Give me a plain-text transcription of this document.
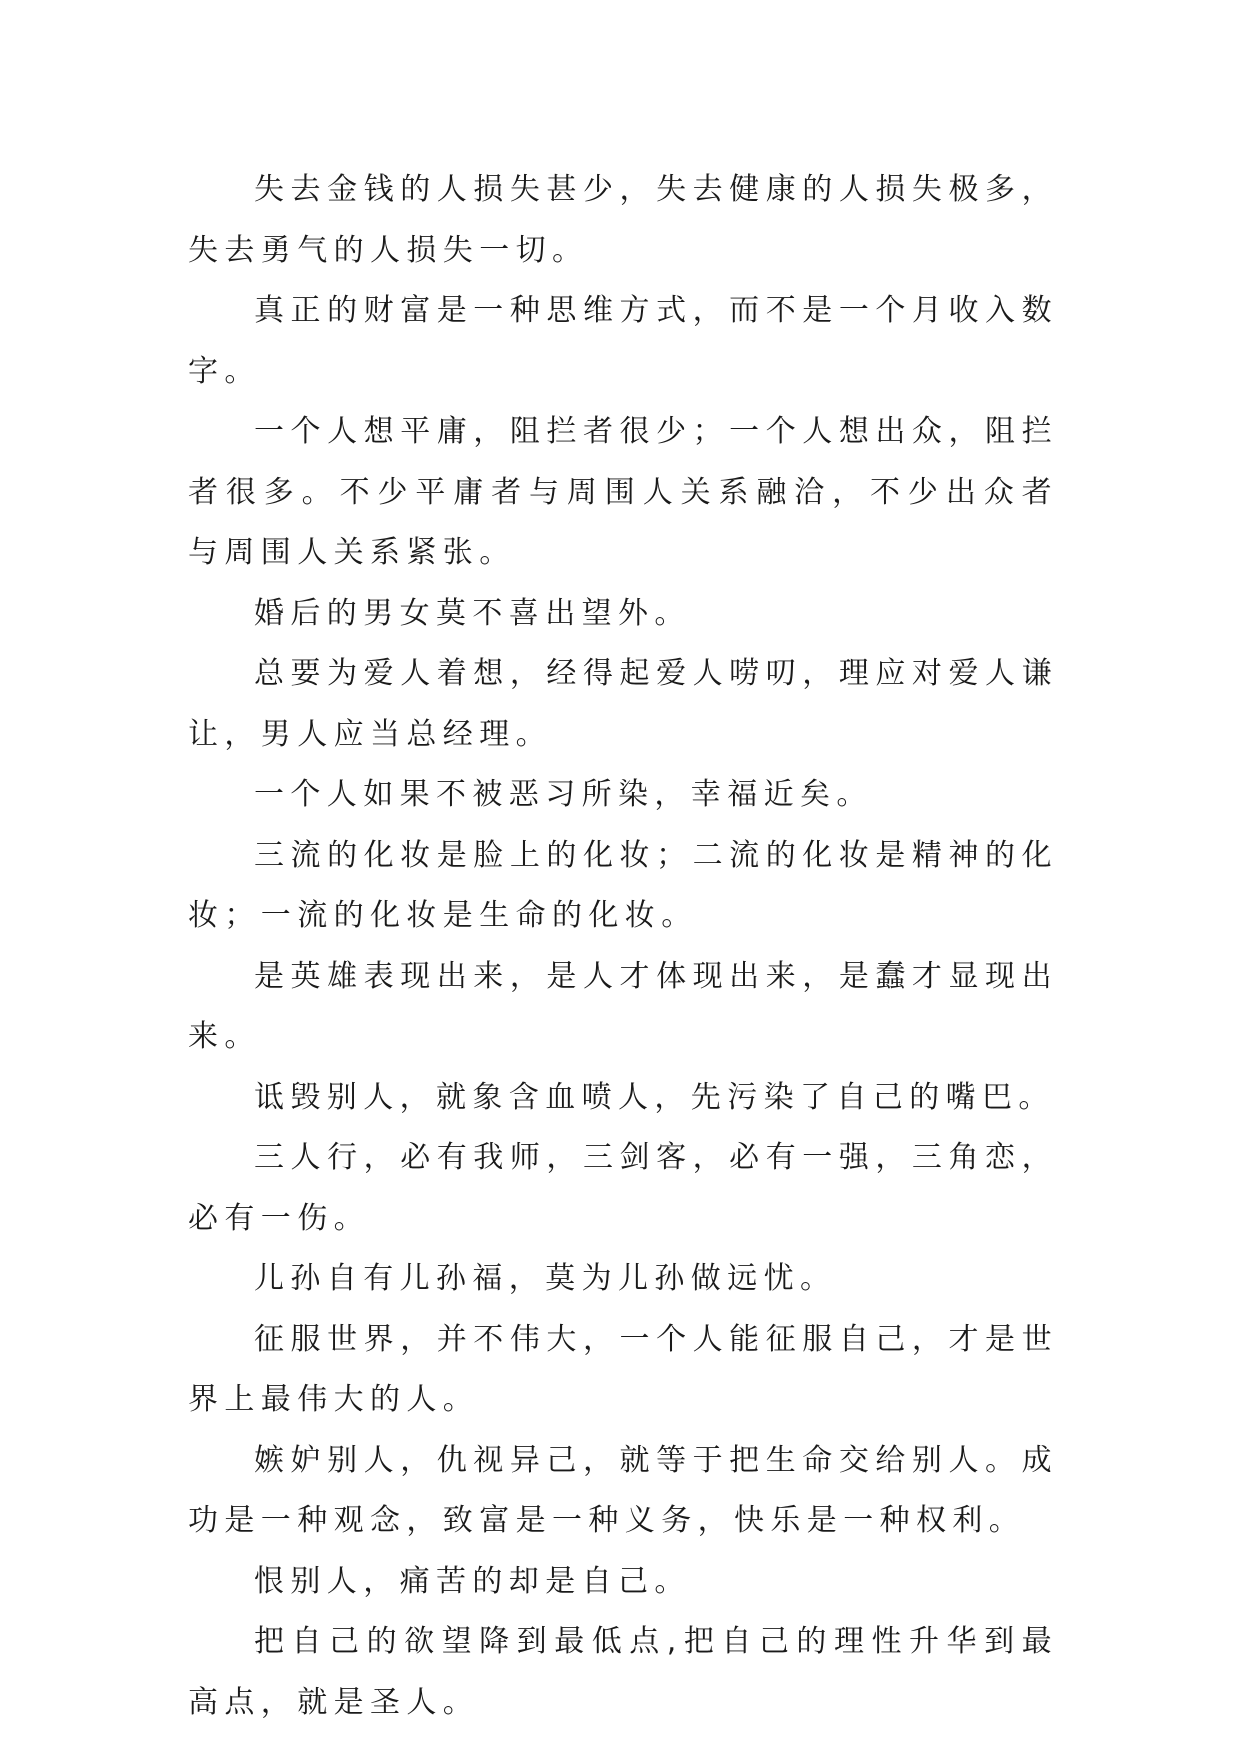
失去金钱的人损失甚少，失去健康的人损失极多，失去勇气的人损失一切。

真正的财富是一种思维方式，而不是一个月收入数字。

一个人想平庸，阻拦者很少；一个人想出众，阻拦者很多。不少平庸者与周围人关系融洽，不少出众者与周围人关系紧张。

婚后的男女莫不喜出望外。

总要为爱人着想，经得起爱人唠叨，理应对爱人谦让，男人应当总经理。

一个人如果不被恶习所染，幸福近矣。

三流的化妆是脸上的化妆；二流的化妆是精神的化妆；一流的化妆是生命的化妆。

是英雄表现出来，是人才体现出来，是蠢才显现出来。

诋毁别人，就象含血喷人，先污染了自己的嘴巴。

三人行，必有我师，三剑客，必有一强，三角恋，必有一伤。

儿孙自有儿孙福，莫为儿孙做远忧。

征服世界，并不伟大，一个人能征服自己，才是世界上最伟大的人。

嫉妒别人，仇视异己，就等于把生命交给别人。成功是一种观念，致富是一种义务，快乐是一种权利。

恨别人，痛苦的却是自己。

把自己的欲望降到最低点,把自己的理性升华到最高点，就是圣人。
